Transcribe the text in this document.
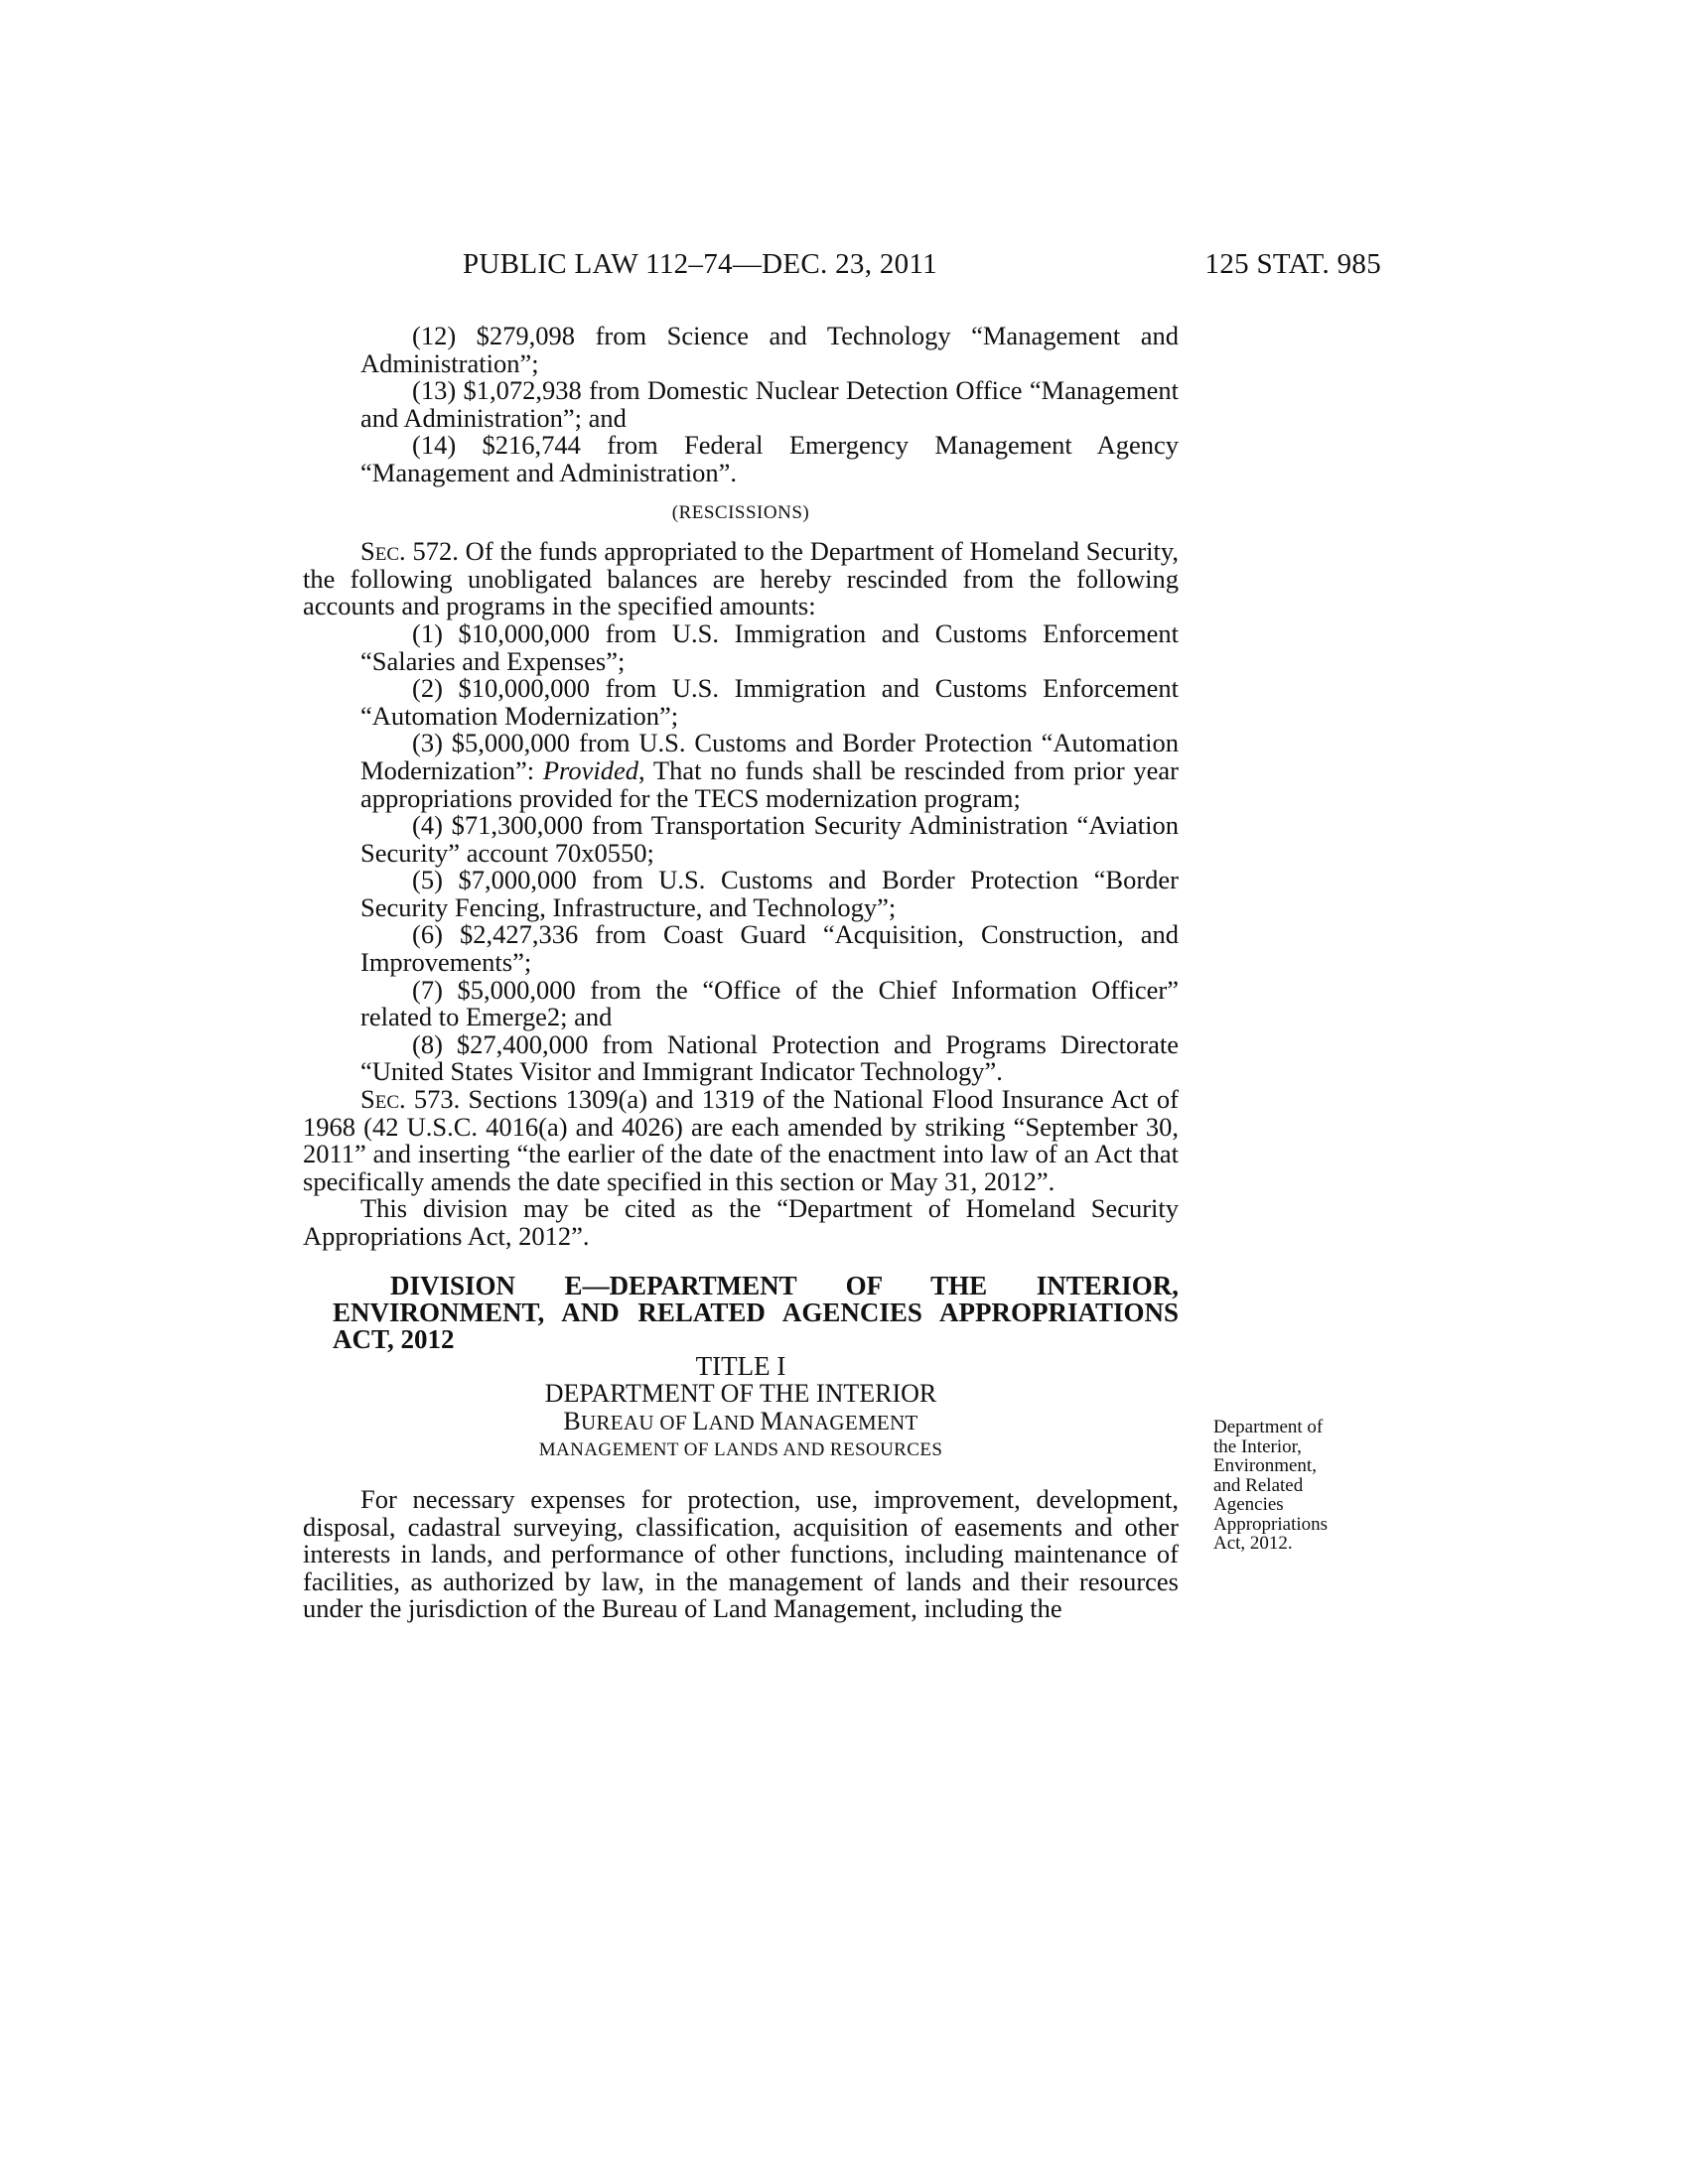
PUBLIC LAW 112–74—DEC. 23, 2011	125 STAT. 985

(12) $279,098 from Science and Technology “Management and Administration”;

(13) $1,072,938 from Domestic Nuclear Detection Office “Management and Administration”; and

(14) $216,744 from Federal Emergency Management Agency “Management and Administration”.

(RESCISSIONS)

Sec. 572. Of the funds appropriated to the Department of Homeland Security, the following unobligated balances are hereby rescinded from the following accounts and programs in the specified amounts:

(1) $10,000,000 from U.S. Immigration and Customs Enforcement “Salaries and Expenses”;

(2) $10,000,000 from U.S. Immigration and Customs Enforcement “Automation Modernization”;

(3) $5,000,000 from U.S. Customs and Border Protection “Automation Modernization”: Provided, That no funds shall be rescinded from prior year appropriations provided for the TECS modernization program;

(4) $71,300,000 from Transportation Security Administration “Aviation Security” account 70x0550;

(5) $7,000,000 from U.S. Customs and Border Protection “Border Security Fencing, Infrastructure, and Technology”;

(6) $2,427,336 from Coast Guard “Acquisition, Construction, and Improvements”;

(7) $5,000,000 from the “Office of the Chief Information Officer” related to Emerge2; and

(8) $27,400,000 from National Protection and Programs Directorate “United States Visitor and Immigrant Indicator Technology”.

Sec. 573. Sections 1309(a) and 1319 of the National Flood Insurance Act of 1968 (42 U.S.C. 4016(a) and 4026) are each amended by striking “September 30, 2011” and inserting “the earlier of the date of the enactment into law of an Act that specifically amends the date specified in this section or May 31, 2012”.

This division may be cited as the “Department of Homeland Security Appropriations Act, 2012”.

DIVISION E—DEPARTMENT OF THE INTERIOR, ENVIRONMENT, AND RELATED AGENCIES APPROPRIATIONS ACT, 2012

TITLE I

DEPARTMENT OF THE INTERIOR

BUREAU OF LAND MANAGEMENT

MANAGEMENT OF LANDS AND RESOURCES

For necessary expenses for protection, use, improvement, development, disposal, cadastral surveying, classification, acquisition of easements and other interests in lands, and performance of other functions, including maintenance of facilities, as authorized by law, in the management of lands and their resources under the jurisdiction of the Bureau of Land Management, including the

Department of
the Interior,
Environment,
and Related
Agencies
Appropriations
Act, 2012.
